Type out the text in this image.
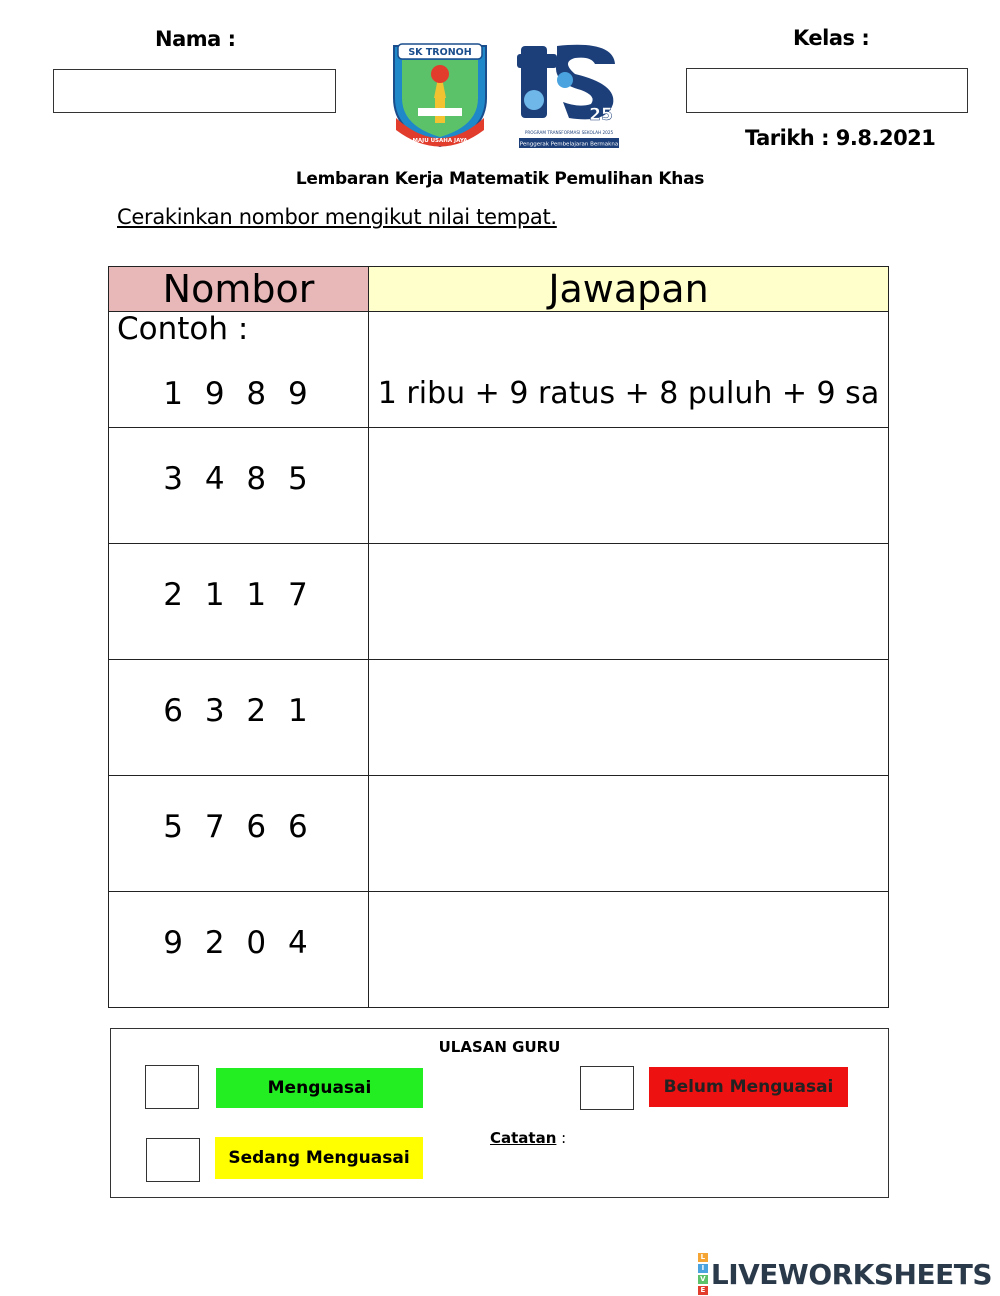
Nama :	Kelas :
Tarikh : 9.8.2021
SK TRONOH
MAJU USAHA JAYA
25
PROGRAM TRANSFORMASI SEKOLAH 2025
Penggerak Pembelajaran Bermakna
Lembaran Kerja Matematik Pemulihan Khas
Cerakinkan nombor mengikut nilai tempat.
Nombor	Jawapan

Contoh :
1 9 8 9	1 ribu + 9 ratus + 8 puluh + 9 sa

3 4 8 5	

2 1 1 7	

6 3 2 1	

5 7 6 6	

9 2 0 4	

ULASAN GURU
Menguasai	Belum Menguasai
Sedang Menguasai
Catatan :
L
I
V
E LIVEWORKSHEETS
